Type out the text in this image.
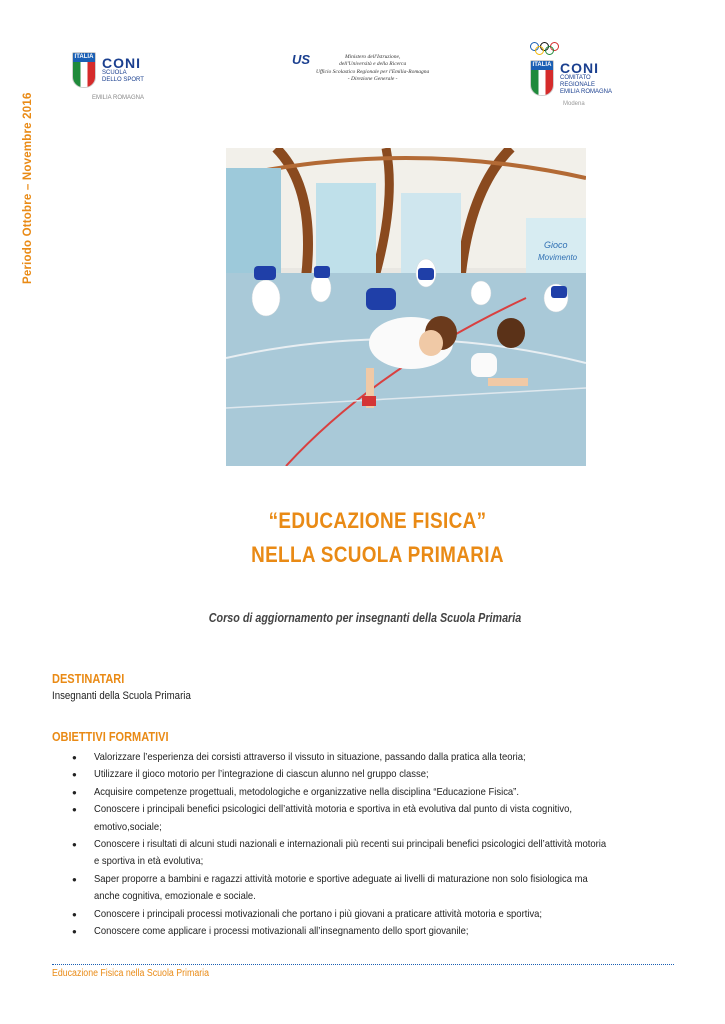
ITALIA CONI
SCUOLA
DELLO SPORT
EMILIA ROMAGNA
US	Ministero dell'Istruzione,
dell'Università e della Ricerca
Ufficio Scolastico Regionale per l'Emilia-Romagna
- Direzione Generale -
ITALIA CONI
COMITATO
REGIONALE
EMILIA ROMAGNA
Modena
Periodo Ottobre – Novembre 2016	Gioco
Movimento
“EDUCAZIONE FISICA”
NELLA SCUOLA PRIMARIA
Corso di aggiornamento per insegnanti della Scuola Primaria
DESTINATARI
Insegnanti della Scuola Primaria
OBIETTIVI FORMATIVI
● Valorizzare l’esperienza dei corsisti attraverso il vissuto in situazione, passando dalla pratica alla teoria;
● Utilizzare il gioco motorio per l’integrazione di ciascun alunno nel gruppo classe;
● Acquisire competenze progettuali, metodologiche e organizzative nella disciplina “Educazione Fisica”.
● Conoscere i principali benefici psicologici dell’attività motoria e sportiva in età evolutiva dal punto di vista cognitivo,
emotivo,sociale;
● Conoscere i risultati di alcuni studi nazionali e internazionali più recenti sui principali benefici psicologici dell’attività motoria
e sportiva in età evolutiva;
● Saper proporre a bambini e ragazzi attività motorie e sportive adeguate ai livelli di maturazione non solo fisiologica ma
anche cognitiva, emozionale e sociale.
● Conoscere i principali processi motivazionali che portano i più giovani a praticare attività motoria e sportiva;
● Conoscere come applicare i processi motivazionali all’insegnamento dello sport giovanile;
Educazione Fisica nella Scuola Primaria
